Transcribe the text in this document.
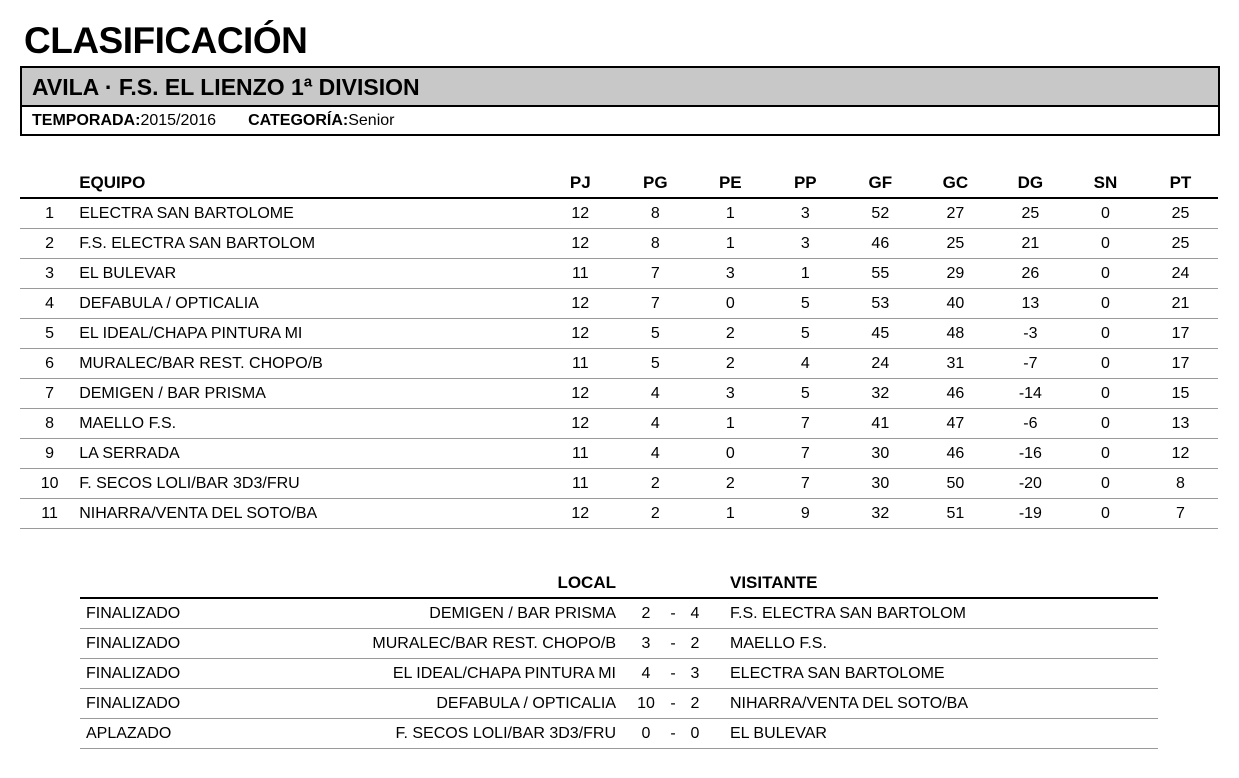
CLASIFICACIÓN
AVILA · F.S. EL LIENZO 1ª DIVISION
TEMPORADA:2015/2016 CATEGORÍA:Senior
	EQUIPO	PJ	PG	PE	PP	GF	GC	DG	SN	PT
1	ELECTRA SAN BARTOLOME	12	8	1	3	52	27	25	0	25
2	F.S. ELECTRA SAN BARTOLOM	12	8	1	3	46	25	21	0	25
3	EL BULEVAR	11	7	3	1	55	29	26	0	24
4	DEFABULA / OPTICALIA	12	7	0	5	53	40	13	0	21
5	EL IDEAL/CHAPA PINTURA MI	12	5	2	5	45	48	-3	0	17
6	MURALEC/BAR REST. CHOPO/B	11	5	2	4	24	31	-7	0	17
7	DEMIGEN / BAR PRISMA	12	4	3	5	32	46	-14	0	15
8	MAELLO F.S.	12	4	1	7	41	47	-6	0	13
9	LA SERRADA	11	4	0	7	30	46	-16	0	12
10	F. SECOS LOLI/BAR 3D3/FRU	11	2	2	7	30	50	-20	0	8
11	NIHARRA/VENTA DEL SOTO/BA	12	2	1	9	32	51	-19	0	7
	LOCAL				VISITANTE
FINALIZADO	DEMIGEN / BAR PRISMA	2	-	4	F.S. ELECTRA SAN BARTOLOM
FINALIZADO	MURALEC/BAR REST. CHOPO/B	3	-	2	MAELLO F.S.
FINALIZADO	EL IDEAL/CHAPA PINTURA MI	4	-	3	ELECTRA SAN BARTOLOME
FINALIZADO	DEFABULA / OPTICALIA	10	-	2	NIHARRA/VENTA DEL SOTO/BA
APLAZADO	F. SECOS LOLI/BAR 3D3/FRU	0	-	0	EL BULEVAR
